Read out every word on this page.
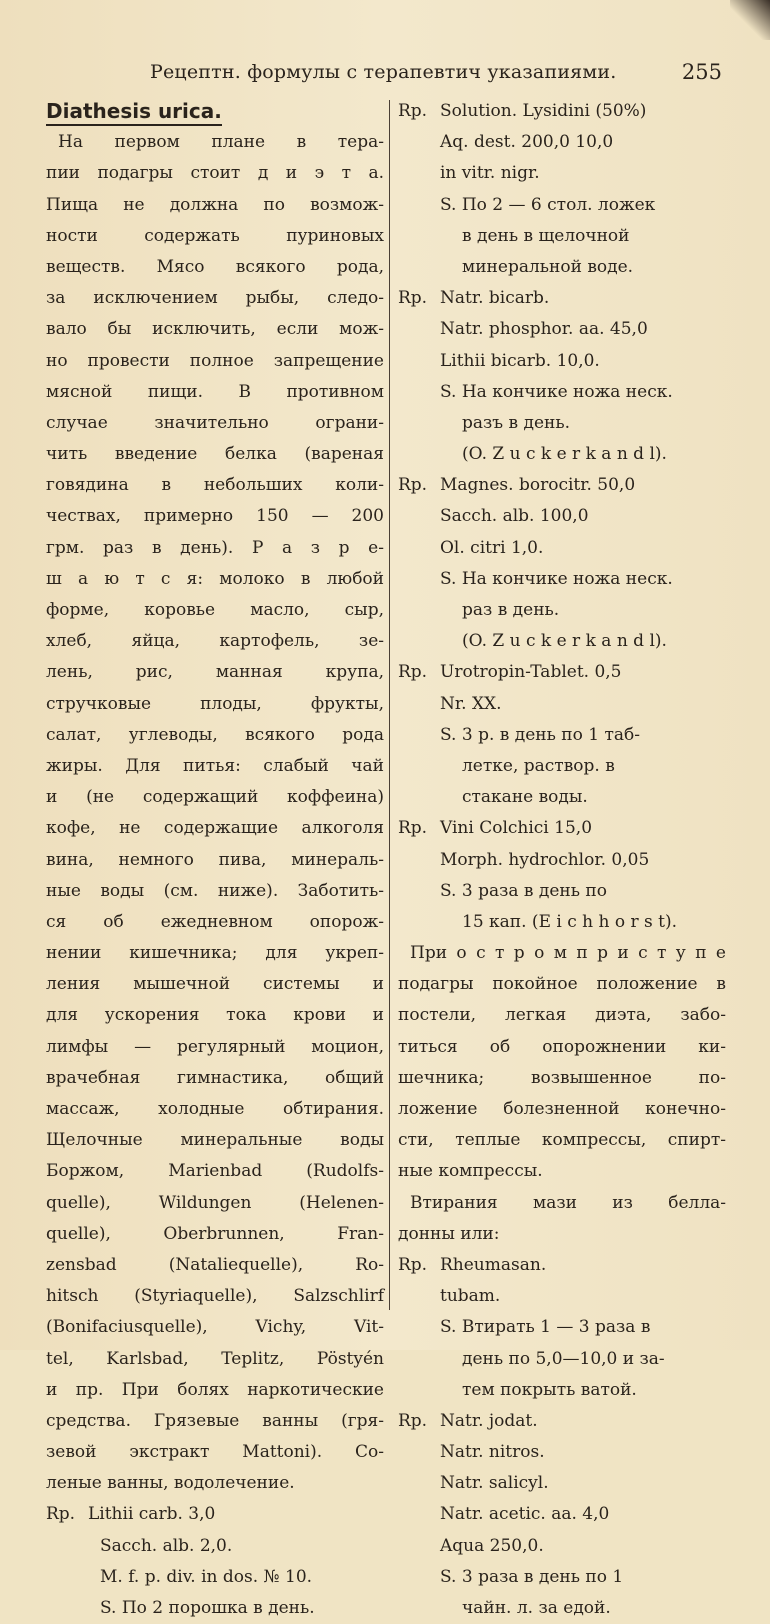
Рецептн. формулы с терапевтич указапиями.	255
Diathesis urica.
На первом плане в тера-
пии подагры стоит д и э т а.
Пища не должна по возмож-
ности содержать пуриновых
веществ. Мясо всякого рода,
за исключением рыбы, следо-
вало бы исключить, если мож-
но провести полное запрещение
мясной пищи. В противном
случае значительно ограни-
чить введение белка (вареная
говядина в небольших коли-
чествах, примерно 150 — 200
грм. раз в день). Р а з р е-
ш а ю т с я: молоко в любой
форме, коровье масло, сыр,
хлеб, яйца, картофель, зе-
лень, рис, манная крупа,
стручковые плоды, фрукты,
салат, углеводы, всякого рода
жиры. Для питья: слабый чай
и (не содержащий коффеина)
кофе, не содержащие алкоголя
вина, немного пива, минераль-
ные воды (см. ниже). Заботить-
ся об ежедневном опорож-
нении кишечника; для укреп-
ления мышечной системы и
для ускорения тока крови и
лимфы — регулярный моцион,
врачебная гимнастика, общий
массаж, холодные обтирания.
Щелочные минеральные воды
Боржом, Marienbad (Rudolfs-
quelle), Wildungen (Helenen-
quelle), Oberbrunnen, Fran-
zensbad (Nataliequelle), Ro-
hitsch (Styriaquelle), Salzschlirf
(Bonifaciusquelle), Vichy, Vit-
tel, Karlsbad, Teplitz, Pöstyén
и пр. При болях наркотические
средства. Грязевые ванны (гря-
зевой экстракт Mattoni). Со-
леные ванны, водолечение.
Rp. Lithii carb. 3,0
Sacch. alb. 2,0.
M. f. p. div. in dos. № 10.
S. По 2 порошка в день.
Rp. Solution. Lysidini (50%)
Aq. dest. 200,0 10,0
in vitr. nigr.
S. По 2 — 6 стол. ложек
в день в щелочной
минеральной воде.
Rp. Natr. bicarb.
Natr. phosphor. aa. 45,0
Lithii bicarb. 10,0.
S. На кончике ножа неск.
разъ в день.
(O. Z u c k e r k a n d l).
Rp. Magnes. borocitr. 50,0
Sacch. alb. 100,0
Ol. citri 1,0.
S. На кончике ножа неск.
раз в день.
(O. Z u c k e r k a n d l).
Rp. Urotropin-Tablet. 0,5
Nr. XX.
S. 3 р. в день по 1 таб-
летке, раствор. в
стакане воды.
Rp. Vini Colchici 15,0
Morph. hydrochlor. 0,05
S. 3 раза в день по
15 кап. (E i c h h o r s t).
При о с т р о м п р и с т у п е
подагры покойное положение в
постели, легкая диэта, забо-
титься об опорожнении ки-
шечника; возвышенное по-
ложение болезненной конечно-
сти, теплые компрессы, спирт-
ные компрессы.
Втирания мази из белла-
донны или:
Rp. Rheumasan.
tubam.
S. Втирать 1 — 3 раза в
день по 5,0—10,0 и за-
тем покрыть ватой.
Rp. Natr. jodat.
Natr. nitros.
Natr. salicyl.
Natr. acetic. aa. 4,0
Aqua 250,0.
S. 3 раза в день по 1
чайн. л. за едой.
